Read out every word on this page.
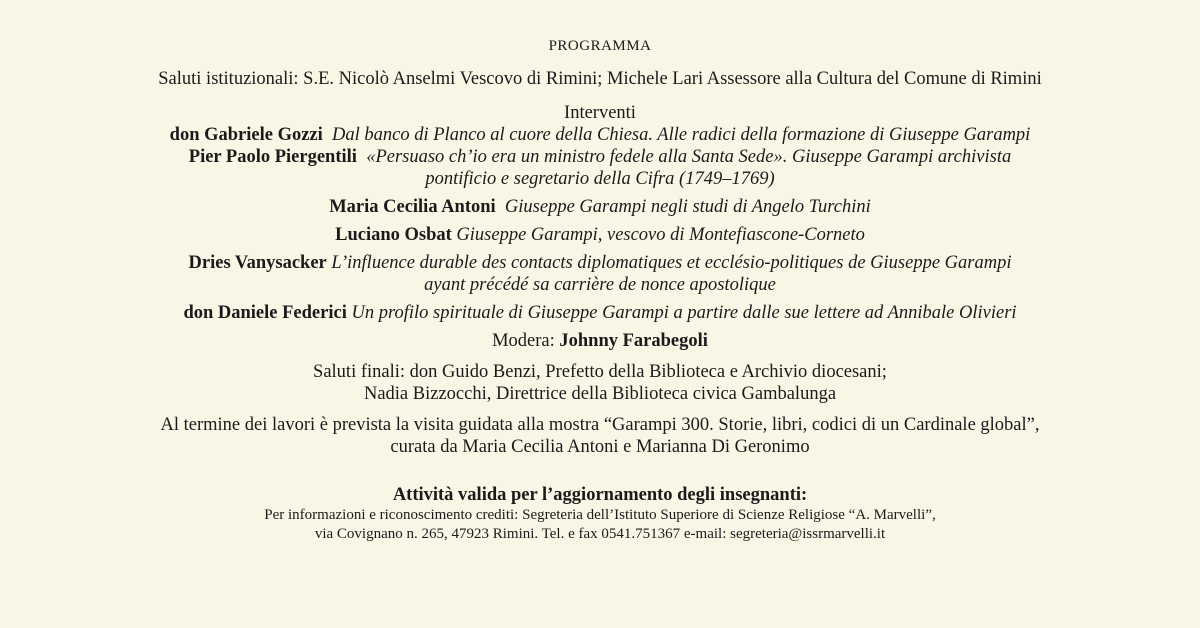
PROGRAMMA

Saluti istituzionali: S.E. Nicolò Anselmi Vescovo di Rimini; Michele Lari Assessore alla Cultura del Comune di Rimini

Interventi

don Gabriele Gozzi Dal banco di Planco al cuore della Chiesa. Alle radici della formazione di Giuseppe Garampi

Pier Paolo Piergentili «Persuaso ch’io era un ministro fedele alla Santa Sede». Giuseppe Garampi archivista
pontificio e segretario della Cifra (1749–1769)

Maria Cecilia Antoni Giuseppe Garampi negli studi di Angelo Turchini

Luciano Osbat Giuseppe Garampi, vescovo di Montefiascone-Corneto

Dries Vanysacker L’influence durable des contacts diplomatiques et ecclésio-politiques de Giuseppe Garampi
ayant précédé sa carrière de nonce apostolique

don Daniele Federici Un profilo spirituale di Giuseppe Garampi a partire dalle sue lettere ad Annibale Olivieri

Modera: Johnny Farabegoli

Saluti finali: don Guido Benzi, Prefetto della Biblioteca e Archivio diocesani;

Nadia Bizzocchi, Direttrice della Biblioteca civica Gambalunga

Al termine dei lavori è prevista la visita guidata alla mostra “Garampi 300. Storie, libri, codici di un Cardinale global”,

curata da Maria Cecilia Antoni e Marianna Di Geronimo

Attività valida per l’aggiornamento degli insegnanti:

Per informazioni e riconoscimento crediti: Segreteria dell’Istituto Superiore di Scienze Religiose “A. Marvelli”,

via Covignano n. 265, 47923 Rimini. Tel. e fax 0541.751367 e-mail: segreteria@issrmarvelli.it
